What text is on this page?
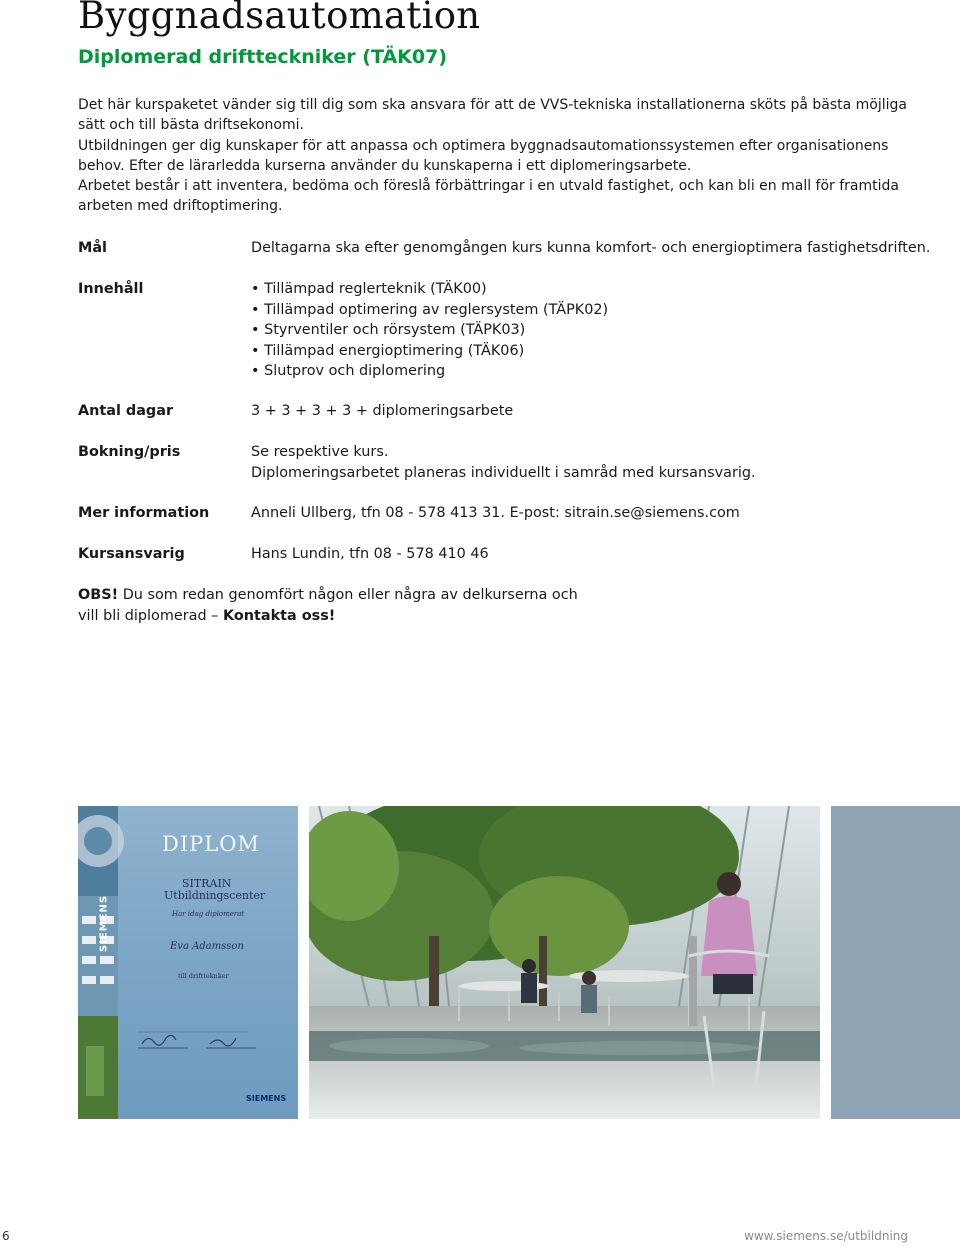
Byggnadsautomation
Diplomerad driftteckniker (TÄK07)

Det här kurspaketet vänder sig till dig som ska ansvara för att de VVS-tekniska installationerna sköts på bästa möjliga sätt och till bästa driftsekonomi.

Utbildningen ger dig kunskaper för att anpassa och optimera byggnadsautomationssystemen efter organisationens behov. Efter de lärarledda kurserna använder du kunskaperna i ett diplomeringsarbete.

Arbetet består i att inventera, bedöma och föreslå förbättringar i en utvald fastighet, och kan bli en mall för framtida arbeten med driftoptimering.

Mål	Deltagarna ska efter genomgången kurs kunna komfort- och energioptimera fastighetsdriften.
Innehåll
•	Tillämpad reglerteknik (TÄK00)
• Tillämpad optimering av reglersystem (TÄPK02)
• Styrventiler och rörsystem (TÄPK03)
• Tillämpad energioptimering (TÄK06)
• Slutprov och diplomering
Antal dagar	3 + 3 + 3 + 3 + diplomeringsarbete
Bokning/pris	Se respektive kurs.
Diplomeringsarbetet planeras individuellt i samråd med kursansvarig.
Mer information	Anneli Ullberg, tfn 08 - 578 413 31. E-post: sitrain.se@siemens.com
Kursansvarig	Hans Lundin, tfn 08 - 578 410 46
OBS! Du som redan genomfört någon eller några av delkurserna och
vill bli diplomerad – Kontakta oss!
DIPLOM
SITRAIN
Utbildningscenter
Har idag diplomerat
Eva Adamsson
till driftteknker
SIEMENS
SIEMENS
6	www.siemens.se/utbildning
